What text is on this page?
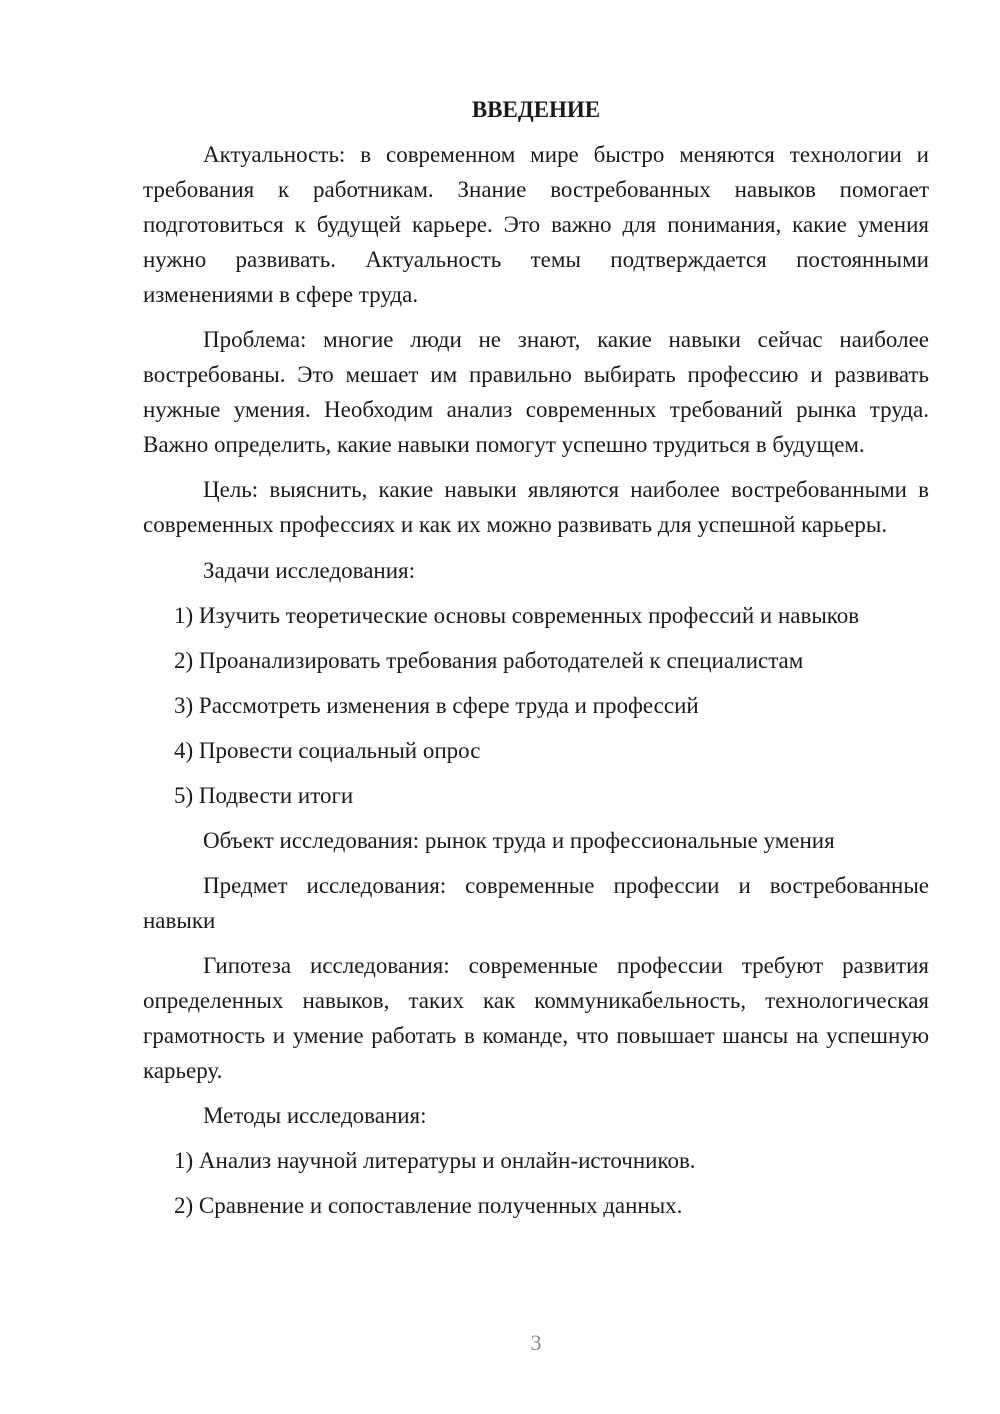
ВВЕДЕНИЕ

Актуальность: в современном мире быстро меняются технологии и требования к работникам. Знание востребованных навыков помогает подготовиться к будущей карьере. Это важно для понимания, какие умения нужно развивать. Актуальность темы подтверждается постоянными изменениями в сфере труда.

Проблема: многие люди не знают, какие навыки сейчас наиболее востребованы. Это мешает им правильно выбирать профессию и развивать нужные умения. Необходим анализ современных требований рынка труда. Важно определить, какие навыки помогут успешно трудиться в будущем.

Цель: выяснить, какие навыки являются наиболее востребованными в современных профессиях и как их можно развивать для успешной карьеры.

Задачи исследования:

1) Изучить теоретические основы современных профессий и навыков

2) Проанализировать требования работодателей к специалистам

3) Рассмотреть изменения в сфере труда и профессий

4) Провести социальный опрос

5) Подвести итоги

Объект исследования: рынок труда и профессиональные умения

Предмет исследования: современные профессии и востребованные навыки

Гипотеза исследования: современные профессии требуют развития определенных навыков, таких как коммуникабельность, технологическая грамотность и умение работать в команде, что повышает шансы на успешную карьеру.

Методы исследования:

1) Анализ научной литературы и онлайн-источников.

2) Сравнение и сопоставление полученных данных.

3
